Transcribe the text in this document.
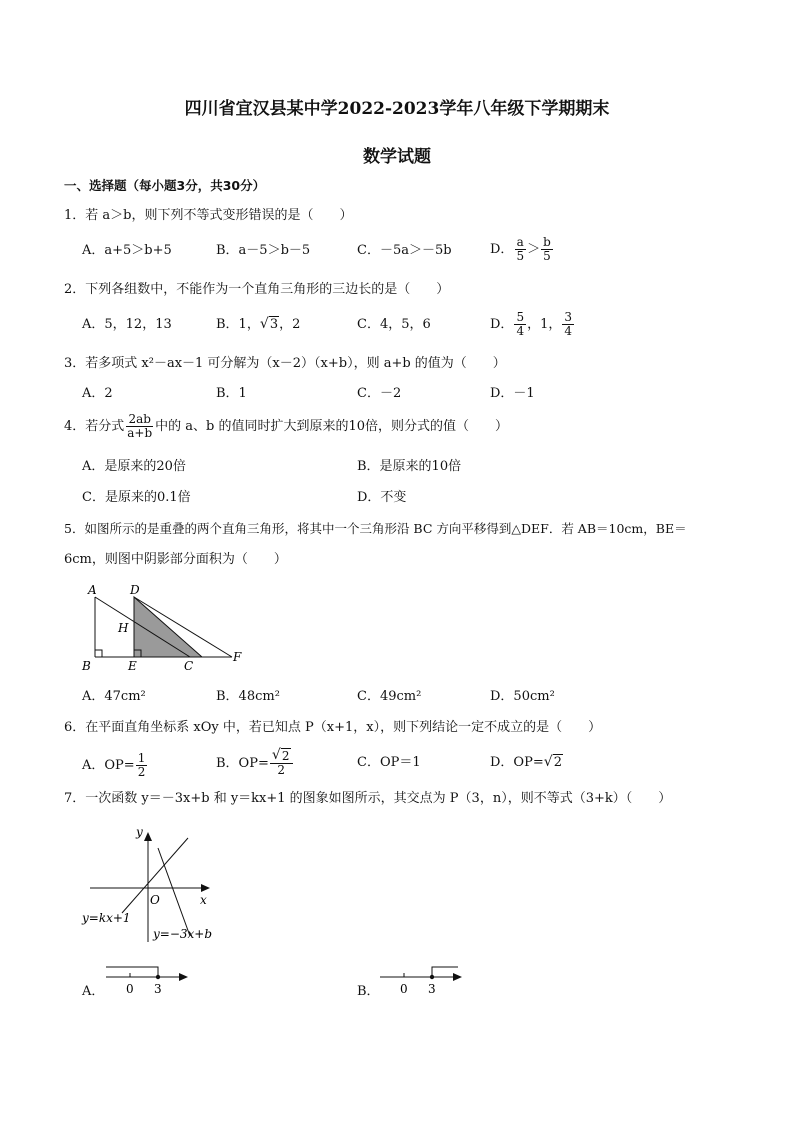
四川省宜汉县某中学2022-2023学年八年级下学期期末
数学试题
一、选择题（每小题3分，共30分）
1．若 a＞b，则下列不等式变形错误的是（　　）
A．a+5＞b+5	B．a－5＞b－5	C．－5a＞－5b	D． $\frac{a}{5} > \frac{b}{5}$
2．下列各组数中，不能作为一个直角三角形的三边长的是（　　）
A．5，12，13	B．1， √ 3，2	C．4，5，6	D． $\frac{5}{4}$ ，1， $\frac{3}{4}$
3．若多项式 x²－ax－1 可分解为（x－2）（x+b），则 a+b 的值为（　　）
A．2	B．1	C．－2	D．－1
4．若分式 $\frac{2ab}{a+b}$ 中的 a、b 的值同时扩大到原来的10倍，则分式的值（　　）
A．是原来的20倍	B．是原来的10倍
C．是原来的0.1倍	D．不变
5．如图所示的是重叠的两个直角三角形，将其中一个三角形沿 BC 方向平移得到△DEF．若 AB＝10cm，BE＝
6cm，则图中阴影部分面积为（　　）
A	D
H
B	E	C
F
A．47cm²	B．48cm²	C．49cm²	D．50cm²
6．在平面直角坐标系 xOy 中，若已知点 P（x+1，x），则下列结论一定不成立的是（　　）
A．$OP= \frac{1}{2}$	B．OP= √ $\frac{2}{2}$	C．OP＝1	D．OP= √ 2
7．一次函数 y＝－3x+b 和 y＝kx+1 的图象如图所示，其交点为 P（3，n），则不等式（3+k）（　　）
y
x
O
y=kx+1
y=−3x+b
A． 0 3	B． 0 3
